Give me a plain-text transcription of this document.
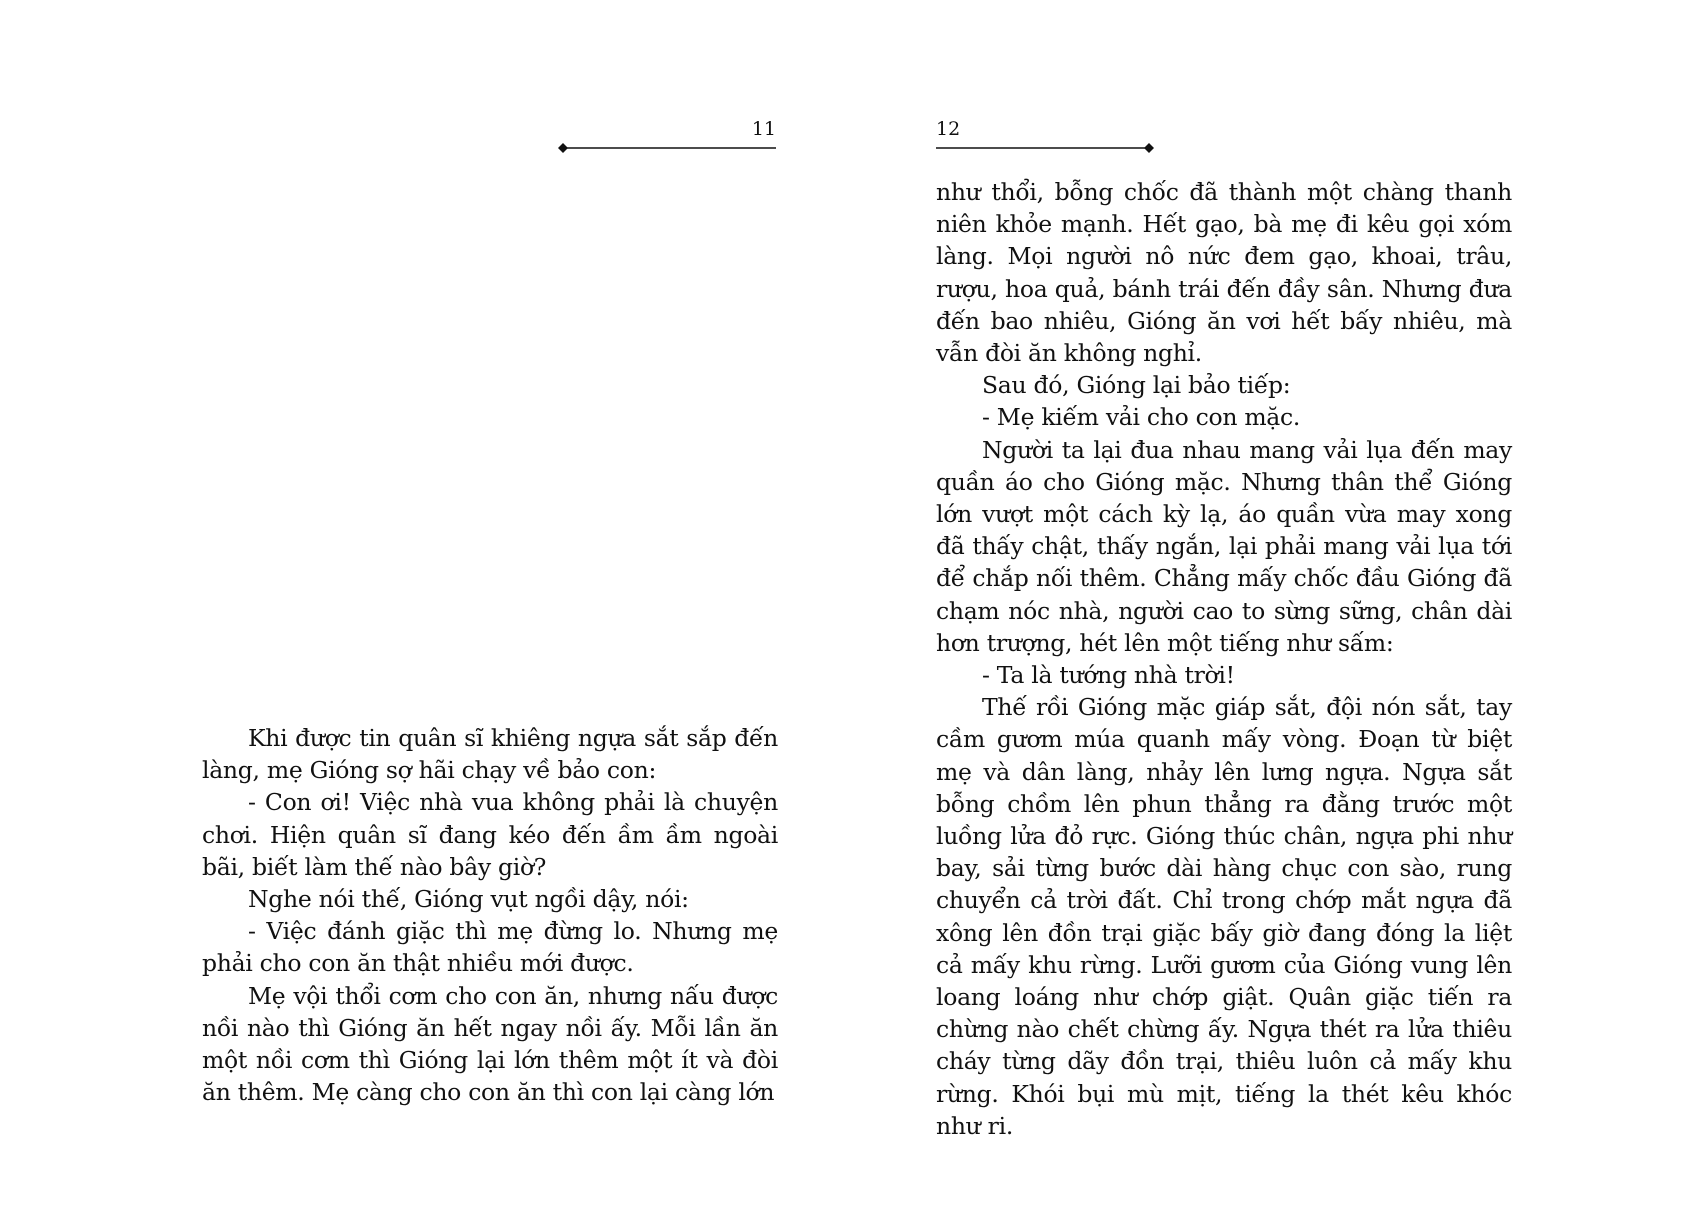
11

Khi được tin quân sĩ khiêng ngựa sắt sắp đến làng, mẹ Gióng sợ hãi chạy về bảo con:

- Con ơi! Việc nhà vua không phải là chuyện chơi. Hiện quân sĩ đang kéo đến ầm ầm ngoài bãi, biết làm thế nào bây giờ?

Nghe nói thế, Gióng vụt ngồi dậy, nói:

- Việc đánh giặc thì mẹ đừng lo. Nhưng mẹ phải cho con ăn thật nhiều mới được.

Mẹ vội thổi cơm cho con ăn, nhưng nấu được nồi nào thì Gióng ăn hết ngay nồi ấy. Mỗi lần ăn một nồi cơm thì Gióng lại lớn thêm một ít và đòi ăn thêm. Mẹ càng cho con ăn thì con lại càng lớn

12

như thổi, bỗng chốc đã thành một chàng thanh niên khỏe mạnh. Hết gạo, bà mẹ đi kêu gọi xóm làng. Mọi người nô nức đem gạo, khoai, trâu, rượu, hoa quả, bánh trái đến đầy sân. Nhưng đưa đến bao nhiêu, Gióng ăn vơi hết bấy nhiêu, mà vẫn đòi ăn không nghỉ.

Sau đó, Gióng lại bảo tiếp:

- Mẹ kiếm vải cho con mặc.

Người ta lại đua nhau mang vải lụa đến may quần áo cho Gióng mặc. Nhưng thân thể Gióng lớn vượt một cách kỳ lạ, áo quần vừa may xong đã thấy chật, thấy ngắn, lại phải mang vải lụa tới để chắp nối thêm. Chẳng mấy chốc đầu Gióng đã chạm nóc nhà, người cao to sừng sững, chân dài hơn trượng, hét lên một tiếng như sấm:

- Ta là tướng nhà trời!

Thế rồi Gióng mặc giáp sắt, đội nón sắt, tay cầm gươm múa quanh mấy vòng. Đoạn từ biệt mẹ và dân làng, nhảy lên lưng ngựa. Ngựa sắt bỗng chồm lên phun thẳng ra đằng trước một luồng lửa đỏ rực. Gióng thúc chân, ngựa phi như bay, sải từng bước dài hàng chục con sào, rung chuyển cả trời đất. Chỉ trong chớp mắt ngựa đã xông lên đồn trại giặc bấy giờ đang đóng la liệt cả mấy khu rừng. Lưỡi gươm của Gióng vung lên loang loáng như chớp giật. Quân giặc tiến ra chừng nào chết chừng ấy. Ngựa thét ra lửa thiêu cháy từng dãy đồn trại, thiêu luôn cả mấy khu rừng. Khói bụi mù mịt, tiếng la thét kêu khóc như ri.
